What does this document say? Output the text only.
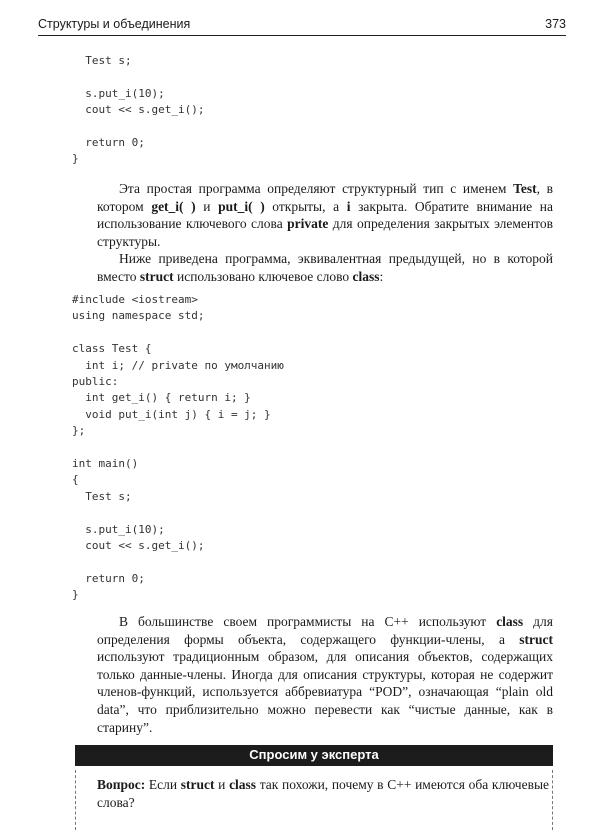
Структуры и объединения	373
Test s;

s.put_i(10);
cout << s.get_i();

return 0;
}
Эта простая программа определяют структурный тип с именем Test, в котором get_i( ) и put_i( ) открыты, а i закрыта. Обратите внимание на использование ключевого слова private для определения закрытых элементов структуры.
Ниже приведена программа, эквивалентная предыдущей, но в которой вместо struct использовано ключевое слово class:
#include <iostream>
using namespace std;

class Test {
int i; // private по умолчанию
public:
int get_i() { return i; }
void put_i(int j) { i = j; }
};

int main()
{
Test s;

s.put_i(10);
cout << s.get_i();

return 0;
}
В большинстве своем программисты на C++ используют class для определения формы объекта, содержащего функции-члены, а struct используют традиционным образом, для описания объектов, содержащих только данные-члены. Иногда для описания структуры, которая не содержит членов-функций, используется аббревиатура “POD”, означающая “plain old data”, что приблизительно можно перевести как “чистые данные, как в старину”.
Спросим у эксперта
Вопрос: Если struct и class так похожи, почему в C++ имеются оба ключевые слова?
